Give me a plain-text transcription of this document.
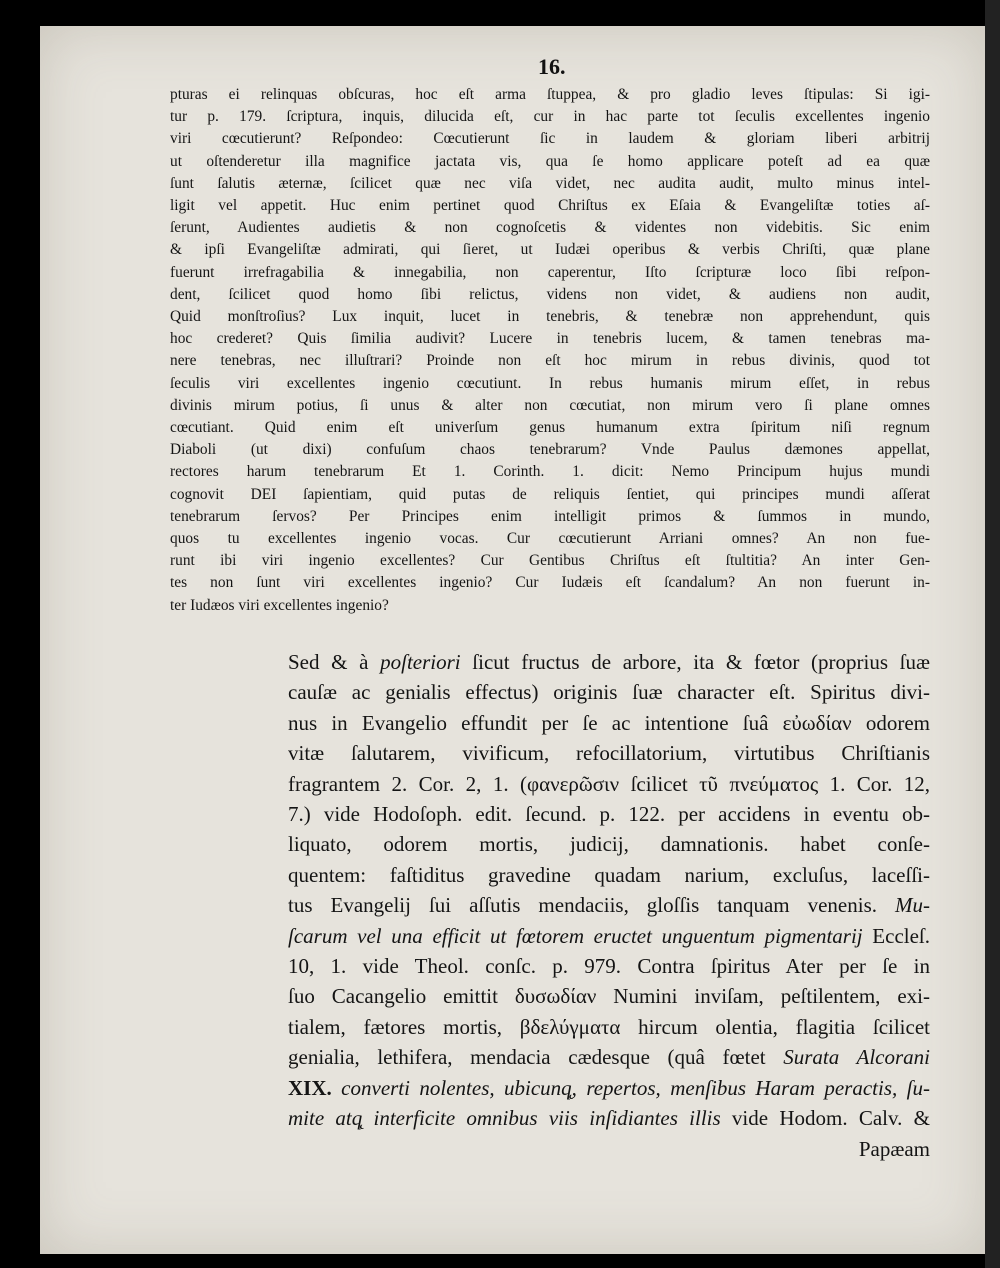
16.

pturas ei relinquas obſcuras, hoc eſt arma ſtuppea, & pro gladio leves ſtipulas: Si igi-
tur p. 179. ſcriptura, inquis, dilucida eſt, cur in hac parte tot ſeculis excellentes ingenio
viri cœcutierunt? Reſpondeo: Cœcutierunt ſic in laudem & gloriam liberi arbitrij
ut oſtenderetur illa magnifice jactata vis, qua ſe homo applicare poteſt ad ea quæ
ſunt ſalutis æternæ, ſcilicet quæ nec viſa videt, nec audita audit, multo minus intel-
ligit vel appetit. Huc enim pertinet quod Chriſtus ex Eſaia & Evangeliſtæ toties aſ-
ſerunt, Audientes audietis & non cognoſcetis & videntes non videbitis. Sic enim
& ipſi Evangeliſtæ admirati, qui ſieret, ut Iudæi operibus & verbis Chriſti, quæ plane
fuerunt irrefragabilia & innegabilia, non caperentur, Iſto ſcripturæ loco ſibi reſpon-
dent, ſcilicet quod homo ſibi relictus, videns non videt, & audiens non audit,
Quid monſtroſius? Lux inquit, lucet in tenebris, & tenebræ non apprehendunt, quis
hoc crederet? Quis ſimilia audivit? Lucere in tenebris lucem, & tamen tenebras ma-
nere tenebras, nec illuſtrari? Proinde non eſt hoc mirum in rebus divinis, quod tot
ſeculis viri excellentes ingenio cœcutiunt. In rebus humanis mirum eſſet, in rebus
divinis mirum potius, ſi unus & alter non cœcutiat, non mirum vero ſi plane omnes
cœcutiant. Quid enim eſt univerſum genus humanum extra ſpiritum niſi regnum
Diaboli (ut dixi) confuſum chaos tenebrarum? Vnde Paulus dæmones appellat,
rectores harum tenebrarum Et 1. Corinth. 1. dicit: Nemo Principum hujus mundi
cognovit DEI ſapientiam, quid putas de reliquis ſentiet, qui principes mundi aſſerat
tenebrarum ſervos? Per Principes enim intelligit primos & ſummos in mundo,
quos tu excellentes ingenio vocas. Cur cœcutierunt Arriani omnes? An non fue-
runt ibi viri ingenio excellentes? Cur Gentibus Chriſtus eſt ſtultitia? An inter Gen-
tes non ſunt viri excellentes ingenio? Cur Iudæis eſt ſcandalum? An non fuerunt in-
ter Iudæos viri excellentes ingenio?
Sed & à poſteriori ſicut fructus de arbore, ita & fœtor (proprius ſuæ
cauſæ ac genialis effectus) originis ſuæ character eſt. Spiritus divi-
nus in Evangelio effundit per ſe ac intentione ſuâ εὐωδίαν odorem
vitæ ſalutarem, vivificum, refocillatorium, virtutibus Chriſtianis
fragrantem 2. Cor. 2, 1. (φανερῶσιν ſcilicet τῦ πνεύματος 1. Cor. 12,
7.) vide Hodoſoph. edit. ſecund. p. 122. per accidens in eventu ob-
liquato, odorem mortis, judicij, damnationis. habet conſe-
quentem: faſtiditus gravedine quadam narium, excluſus, laceſſi-
tus Evangelij ſui aſſutis mendaciis, gloſſis tanquam venenis. Mu-
ſcarum vel una efficit ut fœtorem eructet unguentum pigmentarij Eccleſ.
10, 1. vide Theol. conſc. p. 979. Contra ſpiritus Ater per ſe in
ſuo Cacangelio emittit δυσωδίαν Numini inviſam, peſtilentem, exi-
tialem, fætores mortis, βδελύγματα hircum olentia, flagitia ſcilicet
genialia, lethifera, mendacia cædesque (quâ fœtet Surata Alcorani
XIX. converti nolentes, ubicunq̨, repertos, menſibus Haram peractis, ſu-
mite atq̨ interficite omnibus viis inſidiantes illis vide Hodom. Calv. &
Papæam
